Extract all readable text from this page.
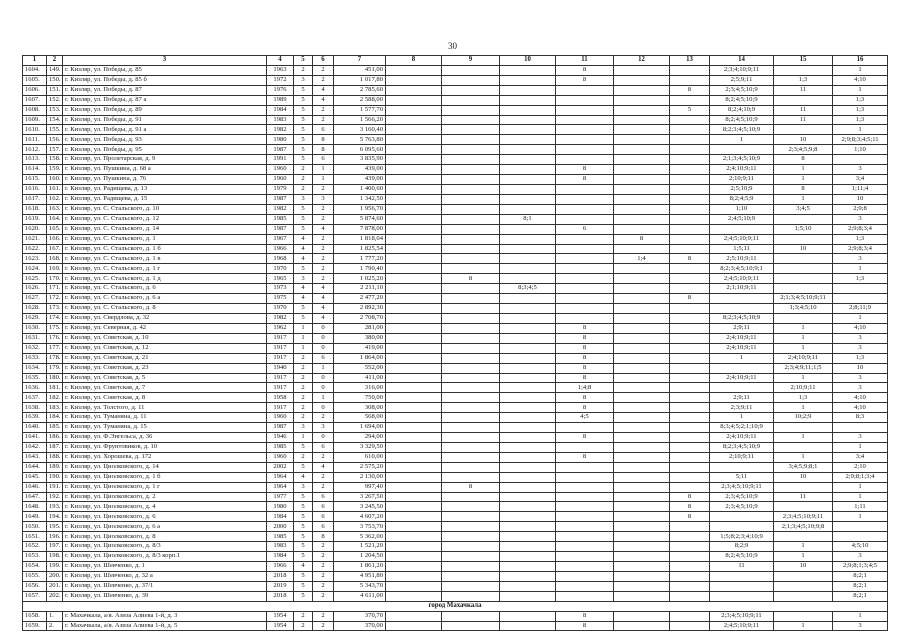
30
1	2	3	4	5	6	7	8	9	10	11	12	13	14	15	16
1604.	149.	г. Кизляр, ул. Победы, д. 85	1963	2	2	451,00				8			2;3;4;10;9;11		1
1605.	150.	г. Кизляр, ул. Победы, д. 85 б	1972	3	2	1 017,80				8			2;5;9;11	1;3	4;10
1606.	151.	г. Кизляр, ул. Победы, д. 87	1976	5	4	2 785,60						8	2;3;4;5;10;9	11	1
1607.	152.	г. Кизляр, ул. Победы, д. 87 а	1989	5	4	2 588,00							8;2;4;5;10;9		1;3
1608.	153.	г. Кизляр, ул. Победы, д. 89	1984	5	2	1 577,70						5	8;2;4;10;9	11	1;3
1609.	154.	г. Кизляр, ул. Победы, д. 91	1983	5	2	1 566,20							8;2;4;5;10;9	11	1;3
1610.	155.	г. Кизляр, ул. Победы, д. 91 а	1982	5	6	3 160,40							8;2;3;4;5;10;9		1
1611.	156.	г. Кизляр, ул. Победы, д. 93	1980	5	8	5 763,80							1	10	2;9;8;3;4;5;11
1612.	157.	г. Кизляр, ул. Победы, д. 95	1987	5	8	6 095,60								2;3;4;5;9;8	1;10
1613.	158.	г. Кизляр, ул. Пролетарская, д. 9	1991	5	6	3 835,90							2;1;3;4;5;10;9	8	
1614.	159.	г. Кизляр, ул. Пушкина, д. 68 а	1960	2	1	439,00				8			2;4;10;9;11	1	3
1615.	160.	г. Кизляр, ул. Пушкина, д. 76	1960	2	1	439,00				8			2;10;9;11	1	3;4
1616.	161.	г. Кизляр, ул. Радищева, д. 13	1979	2	2	1 400,60							2;5;10;9	8	1;11;4
1617.	162.	г. Кизляр, ул. Радищева, д. 15	1987	3	3	1 342,50							8;2;4;5;9	1	10
1618.	163.	г. Кизляр, ул. С. Стальского, д. 10	1982	5	2	1 956,70							1;10	3;4;5	2;9;8
1619.	164.	г. Кизляр, ул. С. Стальского, д. 12	1985	5	2	5 874,60			8;1				2;4;5;10;9		3
1620.	165.	г. Кизляр, ул. С. Стальского, д. 14	1987	5	4	7 878,00				6				1;5;10	2;9;8;3;4
1621.	166.	г. Кизляр, ул. С. Стальского, д. 1	1967	4	2	1 818,04					8		2;4;5;10;9;11		1;3
1622.	167.	г. Кизляр, ул. С. Стальского, д. 1 б	1966	4	2	1 825,54							1;5;11	10	2;9;8;3;4
1623.	168.	г. Кизляр, ул. С. Стальского, д. 1 в	1968	4	2	1 777,20					1;4	8	2;5;10;9;11		3
1624.	169.	г. Кизляр, ул. С. Стальского, д. 1 г	1970	5	2	1 790,40							8;2;3;4;5;10;9;1		1
1625.	170.	г. Кизляр, ул. С. Стальского, д. 1 д	1965	3	2	1 025,20		8					2;4;5;10;9;11		1;3
1626.	171.	г. Кизляр, ул. С. Стальского, д. 6	1973	4	4	2 211,10			8;3;4;5				2;1;10;9;11		
1627.	172.	г. Кизляр, ул. С. Стальского, д. 6 а	1975	4	4	2 477,20						8		2;1;3;4;5;10;9;11	
1628.	173.	г. Кизляр, ул. С. Стальского, д. 8	1970	5	4	2 892,30								1;3;4;5;10	2;8;11;9
1629.	174.	г. Кизляр, ул. Свердлова, д. 32	1982	5	4	2 708,70							8;2;3;4;5;10;9		1
1630.	175.	г. Кизляр, ул. Северная, д. 42	1962	1	0	281,00				8			2;9;11	1	4;10
1631.	176.	г. Кизляр, ул. Советская, д. 10	1917	1	0	380,00				8			2;4;10;9;11	1	3
1632.	177.	г. Кизляр, ул. Советская, д. 12	1917	1	0	419,00				8			2;4;10;9;11	1	3
1633.	178.	г. Кизляр, ул. Советская, д. 21	1917	2	6	1 864,00				8			1	2;4;10;9;11	1;3
1634.	179.	г. Кизляр, ул. Советская, д. 23	1940	2	1	552,00				8				2;3;4;9;11;1;5	10
1635.	180.	г. Кизляр, ул. Советская, д. 5	1917	2	0	411,00				8			2;4;10;9;11	1	3
1636.	181.	г. Кизляр, ул. Советская, д. 7	1917	2	0	316,00				1;4;8				2;10;9;11	3
1637.	182.	г. Кизляр, ул. Советская, д. 8	1958	2	1	750,00				8			2;9;11	1;3	4;10
1638.	183.	г. Кизляр, ул. Толстого, д. 11	1917	2	0	308,00				8			2;3;9;11	1	4;10
1639.	184.	г. Кизляр, ул. Туманяна, д. 11	1960	2	2	568,00				4;5			1	10;2;9	8;3
1640.	185.	г. Кизляр, ул. Туманяна, д. 15	1987	3	3	1 694,00							8;3;4;5;2;1;10;9		
1641.	186.	г. Кизляр, ул. Ф.Энгельса, д. 36	1946	1	0	294,00				8			2;4;10;9;11	1	3
1642.	187.	г. Кизляр, ул. Фрунтовиков, д. 10	1985	5	6	3 329,50							8;2;3;4;5;10;9		1
1643.	188.	г. Кизляр, ул. Хорошева, д. 172	1960	2	2	610,00				8			2;10;9;11	1	3;4
1644.	189.	г. Кизляр, ул. Циолковского, д. 14	2002	5	4	2 575,20								3;4;5;9;8;1	2;10
1645.	190.	г. Кизляр, ул. Циолковского, д. 1 б	1964	4	2	2 130,00							5;11	10	2;9;8;1;3;4
1646.	191.	г. Кизляр, ул. Циолковского, д. 1 г	1964	3	2	997,40		8					2;3;4;5;10;9;11		1
1647.	192.	г. Кизляр, ул. Циолковского, д. 2	1977	5	6	3 267,50						8	2;3;4;5;10;9	11	1
1648.	193.	г. Кизляр, ул. Циолковского, д. 4	1980	5	6	3 245,50						8	2;3;4;5;10;9		1;11
1649.	194.	г. Кизляр, ул. Циолковского, д. 6	1984	5	6	4 607,20						8		2;3;4;5;10;9;11	1
1650.	195.	г. Кизляр, ул. Циолковского, д. 6 а	2000	5	6	3 753,70								2;1;3;4;5;10;9;8	
1651.	196.	г. Кизляр, ул. Циолковского, д. 8	1985	5	8	5 362,00							1;5;8;2;3;4;10;9		
1652.	197.	г. Кизляр, ул. Циолковского, д. 8/3	1983	5	2	1 521,20							8;2;9	1	4;5;10
1653.	198.	г. Кизляр, ул. Циолковского, д. 8/3 корп.1	1984	5	2	1 204,50							8;2;4;5;10;9	1	3
1654.	199.	г. Кизляр, ул. Шевченко, д. 1	1966	4	2	1 861,20							11	10	2;9;8;1;3;4;5
1655.	200.	г. Кизляр, ул. Шевченко, д. 32 а	2018	5	2	4 951,80									8;2;1
1656.	201.	г. Кизляр, ул. Шевченко, д. 37/1	2019	5	2	5 343,70									8;2;1
1657.	202.	г. Кизляр, ул. Шевченко, д. 39	2018	5	2	4 611,00									8;2;1
город Махачкала															
1658.	1.	г. Махачкала, а/я. Азиза Алиева 1-й, д. 3	1954	2	2	370,70				8			2;3;4;5;10;9;11		1
1659.	2.	г. Махачкала, а/я. Азиза Алиева 1-й, д. 5	1954	2	2	370,00				8			2;4;5;10;9;11	1	3
